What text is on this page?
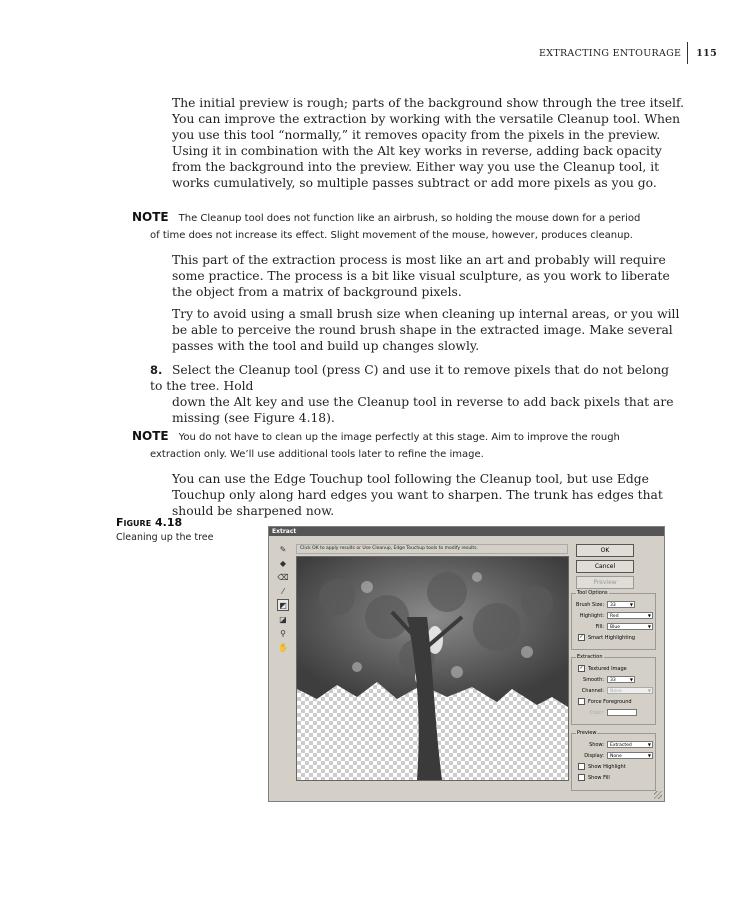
EXTRACTING ENTOURAGE 115

The initial preview is rough; parts of the background show through the tree itself. You can improve the extraction by working with the versatile Cleanup tool. When you use this tool “normally,” it removes opacity from the pixels in the preview. Using it in combination with the Alt key works in reverse, adding back opacity from the background into the preview. Either way you use the Cleanup tool, it works cumulatively, so multiple passes subtract or add more pixels as you go.

NOTE The Cleanup tool does not function like an airbrush, so holding the mouse down for a period
of time does not increase its effect. Slight movement of the mouse, however, produces cleanup.

This part of the extraction process is most like an art and probably will require some practice. The process is a bit like visual sculpture, as you work to liberate the object from a matrix of background pixels.

Try to avoid using a small brush size when cleaning up internal areas, or you will be able to perceive the round brush shape in the extracted image. Make several passes with the tool and build up changes slowly.

8. Select the Cleanup tool (press C) and use it to remove pixels that do not belong to the tree. Hold
down the Alt key and use the Cleanup tool in reverse to add back pixels that are missing (see Figure 4.18).
NOTE You do not have to clean up the image perfectly at this stage. Aim to improve the rough
extraction only. We’ll use additional tools later to refine the image.

You can use the Edge Touchup tool following the Cleanup tool, but use Edge Touchup only along hard edges you want to sharpen. The trunk has edges that should be sharpened now.

Figure 4.18
Cleaning up the tree
Extract
✎
◆
⌫
⁄
◩
◪
⚲
✋
Click OK to apply results or Use Cleanup, Edge Touchup tools to modify results.	OK
Cancel
Preview
Tool Options
Brush Size:	33 ▼
Highlight:	Red ▼
Fill:	Blue ▼
✓ Smart Highlighting
Extraction
✓ Textured Image
Smooth:	33 ▼
Channel:	None ▼
Force Foreground
Color:
Preview
Show:	Extracted ▼
Display:	None ▼
Show Highlight
Show Fill
